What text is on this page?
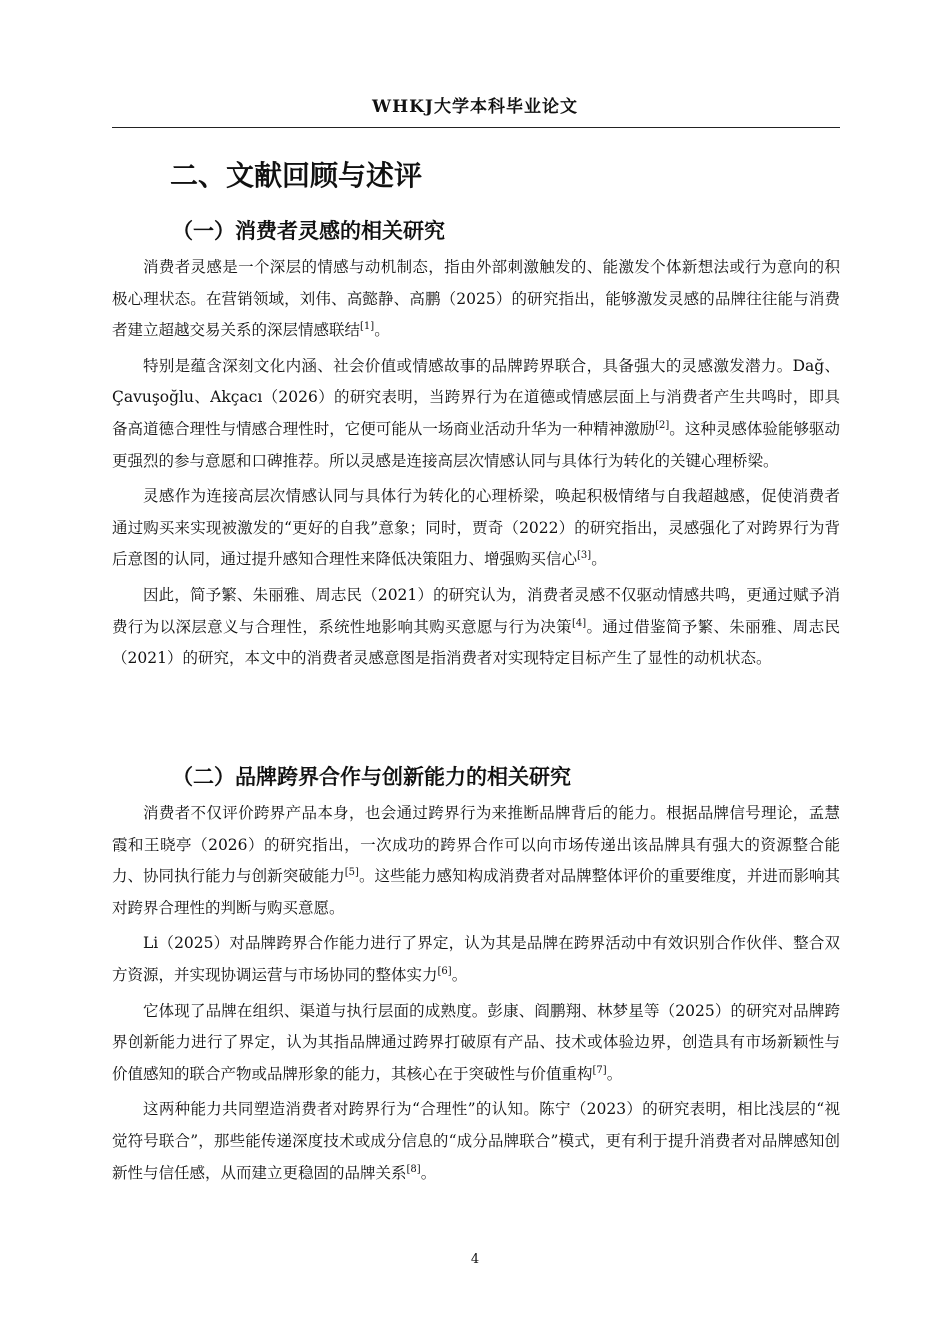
WHKJ大学本科毕业论文
二、文献回顾与述评
（一）消费者灵感的相关研究

消费者灵感是一个深层的情感与动机制态，指由外部刺激触发的、能激发个体新想法或行为意向的积极心理状态。在营销领域，刘伟、高懿静、高鹏（2025）的研究指出，能够激发灵感的品牌往往能与消费者建立超越交易关系的深层情感联结[1]。

特别是蕴含深刻文化内涵、社会价值或情感故事的品牌跨界联合，具备强大的灵感激发潜力。Dağ、Çavuşoğlu、Akçacı（2026）的研究表明，当跨界行为在道德或情感层面上与消费者产生共鸣时，即具备高道德合理性与情感合理性时，它便可能从一场商业活动升华为一种精神激励[2]。这种灵感体验能够驱动更强烈的参与意愿和口碑推荐。所以灵感是连接高层次情感认同与具体行为转化的关键心理桥梁。

灵感作为连接高层次情感认同与具体行为转化的心理桥梁，唤起积极情绪与自我超越感，促使消费者通过购买来实现被激发的“更好的自我”意象；同时，贾奇（2022）的研究指出，灵感强化了对跨界行为背后意图的认同，通过提升感知合理性来降低决策阻力、增强购买信心[3]。

因此，简予繁、朱丽雅、周志民（2021）的研究认为，消费者灵感不仅驱动情感共鸣，更通过赋予消费行为以深层意义与合理性，系统性地影响其购买意愿与行为决策[4]。通过借鉴简予繁、朱丽雅、周志民（2021）的研究，本文中的消费者灵感意图是指消费者对实现特定目标产生了显性的动机状态。

（二）品牌跨界合作与创新能力的相关研究

消费者不仅评价跨界产品本身，也会通过跨界行为来推断品牌背后的能力。根据品牌信号理论，孟慧霞和王晓亭（2026）的研究指出，一次成功的跨界合作可以向市场传递出该品牌具有强大的资源整合能力、协同执行能力与创新突破能力[5]。这些能力感知构成消费者对品牌整体评价的重要维度，并进而影响其对跨界合理性的判断与购买意愿。

Li（2025）对品牌跨界合作能力进行了界定，认为其是品牌在跨界活动中有效识别合作伙伴、整合双方资源，并实现协调运营与市场协同的整体实力[6]。

它体现了品牌在组织、渠道与执行层面的成熟度。彭康、阎鹏翔、林梦星等（2025）的研究对品牌跨界创新能力进行了界定，认为其指品牌通过跨界打破原有产品、技术或体验边界，创造具有市场新颖性与价值感知的联合产物或品牌形象的能力，其核心在于突破性与价值重构[7]。

这两种能力共同塑造消费者对跨界行为“合理性”的认知。陈宁（2023）的研究表明，相比浅层的“视觉符号联合”，那些能传递深度技术或成分信息的“成分品牌联合”模式，更有利于提升消费者对品牌感知创新性与信任感，从而建立更稳固的品牌关系[8]。

4
